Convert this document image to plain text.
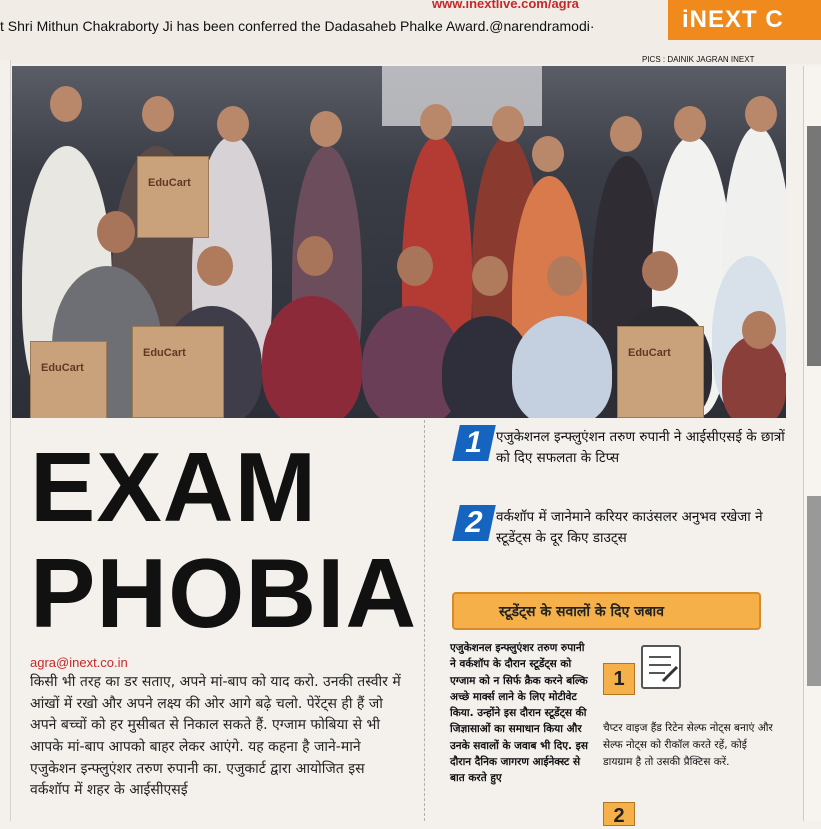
www.inextlive.com/agra
t Shri Mithun Chakraborty Ji has been conferred the Dadasaheb Phalke Award.@narendramodi·	iNEXT C
PICS : DAINIK JAGRAN INEXT
EduCart
EduCart
EduCart	EduCart
EXAM
PHOBIA
agra@inext.co.in

किसी भी तरह का डर सताए, अपने मां-बाप को याद करो. उनकी तस्वीर में आंखों में रखो और अपने लक्ष्य की ओर आगे बढ़े चलो. पेरेंट्स ही हैं जो अपने बच्चों को हर मुसीबत से निकाल सकते हैं. एग्जाम फोबिया से भी आपके मां-बाप आपको बाहर लेकर आएंगे. यह कहना है जाने-माने एजुकेशन इन्फ्लुएंशर तरुण रुपानी का. एजुकार्ट द्वारा आयोजित इस वर्कशॉप में शहर के आईसीएसई

1 एजुकेशनल इन्फ्लुएंशन तरुण रुपानी ने आईसीएसई के छात्रों को दिए सफलता के टिप्स
2 वर्कशॉप में जानेमाने करियर काउंसलर अनुभव रखेजा ने स्टूडेंट्स के दूर किए डाउट्स
स्टूडेंट्स के सवालों के दिए जबाव
एजुकेशनल इन्फ्लुएंशर तरुण रुपानी ने वर्कशॉप के दौरान स्टूडेंट्स को एग्जाम को न सिर्फ क्रैक करने बल्कि अच्छे मार्क्स लाने के लिए मोटीवेट किया. उन्होंने इस दौरान स्टूडेंट्स की जिज्ञासाओं का समाधान किया और उनके सवालों के जवाब भी दिए. इस दौरान दैनिक जागरण आईनेक्स्ट से बात करते हुए
1
चैप्टर वाइज हैंड रिटेन सेल्फ नोट्स बनाएं और सेल्फ नोट्स को रीकॉल करते रहें, कोई डायग्राम है तो उसकी प्रैक्टिस करें.
2
